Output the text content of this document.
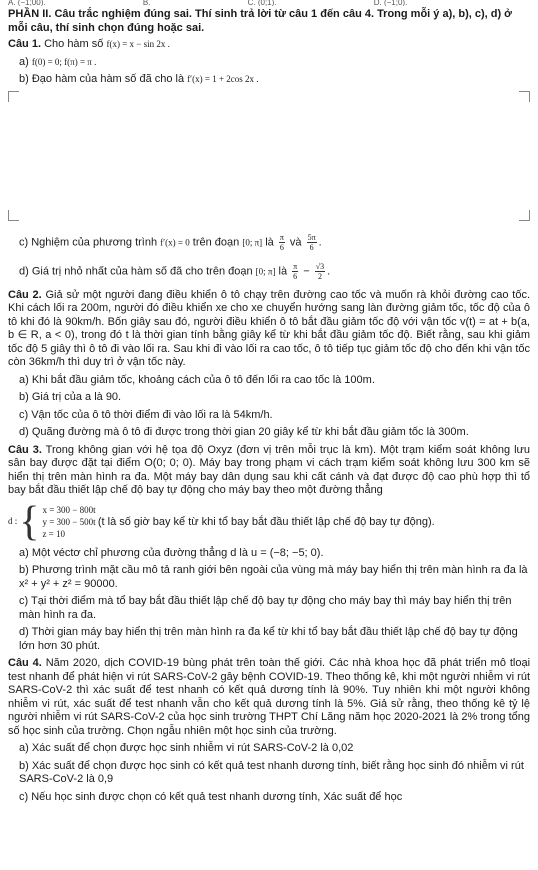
A. (−1;00).	B.	C. (0;1).	D. (−1;0).
PHẦN II. Câu trắc nghiệm đúng sai. Thí sinh trả lời từ câu 1 đến câu 4. Trong mỗi ý a), b), c), d) ở mỗi câu, thí sinh chọn đúng hoặc sai.
Câu 1. Cho hàm số f(x) = x − sin 2x .
a) f(0) = 0; f(π) = π .
b) Đạo hàm của hàm số đã cho là f′(x) = 1 + 2cos 2x .
c) Nghiệm của phương trình f′(x) = 0 trên đoạn [0; π] là $\frac{\pi}{6}$ và $\frac{5\pi}{6}$ .
d) Giá trị nhỏ nhất của hàm số đã cho trên đoạn [0; π] là $\frac{\pi}{6} - \frac{√3}{2}$ .
Câu 2. Giả sử một người đang điều khiển ô tô chạy trên đường cao tốc và muốn rà khỏi đường cao tốc. Khi cách lối ra 200m, người đó điều khiển xe cho xe chuyển hướng sang làn đường giảm tốc, tốc độ của ô tô khi đó là 90km/h. Bốn giây sau đó, người điều khiển ô tô bắt đầu giảm tốc độ với vận tốc v(t) = at + b(a, b ∈ R, a < 0), trong đó t là thời gian tính bằng giây kể từ khi bắt đầu giảm tốc độ. Biết rằng, sau khi giảm tốc độ 5 giây thì ô tô đi vào lối ra. Sau khi đi vào lối ra cao tốc, ô tô tiếp tục giảm tốc độ cho đến khi vận tốc còn 36km/h thì duy trì ở vận tốc này.
a) Khi bắt đầu giảm tốc, khoảng cách của ô tô đến lối ra cao tốc là 100m.
b) Giá trị của a là 90.
c) Vận tốc của ô tô thời điểm đi vào lối ra là 54km/h.
d) Quãng đường mà ô tô đi được trong thời gian 20 giây kể từ khi bắt đầu giảm tốc là 300m.
Câu 3. Trong không gian với hệ tọa độ Oxyz (đơn vị trên mỗi trục là km). Một trạm kiểm soát không lưu sân bay được đặt tại điểm O(0; 0; 0). Máy bay trong phạm vi cách trạm kiểm soát không lưu 300 km sẽ hiển thị trên màn hình ra đa. Một máy bay dân dụng sau khi cất cánh và đạt được độ cao phù hợp thì tổ bay bắt đầu thiết lập chế độ bay tự động cho máy bay theo một đường thẳng
d : { x = 300 − 800t
y = 300 − 500t (t là số giờ bay kể từ khi tổ bay bắt đầu thiết lập chế độ bay tự động).
z = 10
a) Một véctơ chỉ phương của đường thẳng d là u = (−8; −5; 0).
b) Phương trình mặt cầu mô tả ranh giới bên ngoài của vùng mà máy bay hiển thị trên màn hình ra đa là x² + y² + z² = 90000.
c) Tại thời điểm mà tổ bay bắt đầu thiết lập chế độ bay tự động cho máy bay thì máy bay hiển thị trên màn hình ra đa.
d) Thời gian máy bay hiển thị trên màn hình ra đa kể từ khi tổ bay bắt đầu thiết lập chế độ bay tự động lớn hơn 30 phút.
Câu 4. Năm 2020, dịch COVID-19 bùng phát trên toàn thế giới. Các nhà khoa học đã phát triển mô tloại test nhanh để phát hiện vi rút SARS-CoV-2 gây bệnh COVID-19. Theo thống kê, khi một người nhiễm vi rút SARS-CoV-2 thì xác suất để test nhanh có kết quả dương tính là 90%. Tuy nhiên khi một người không nhiễm vi rút, xác suất để test nhanh vẫn cho kết quả dương tính là 5%. Giả sử rằng, theo thống kê tỷ lệ người nhiễm vi rút SARS-CoV-2 của học sinh trường THPT Chí Lăng năm học 2020-2021 là 2% trong tổng số học sinh của trường. Chọn ngẫu nhiên một học sinh của trường.
a) Xác suất để chọn được học sinh nhiễm vi rút SARS-CoV-2 là 0,02
b) Xác suất để chọn được học sinh có kết quả test nhanh dương tính, biết rằng học sinh đó nhiễm vi rút SARS-CoV-2 là 0,9
c) Nếu học sinh được chọn có kết quả test nhanh dương tính, Xác suất để học
